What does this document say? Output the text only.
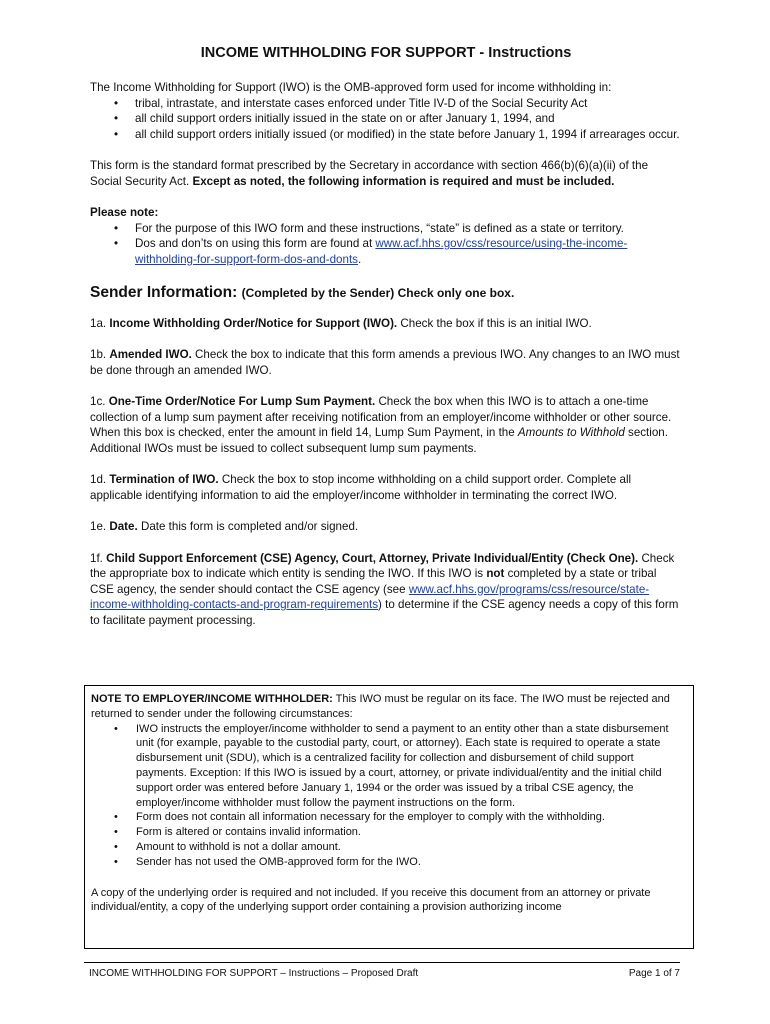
INCOME WITHHOLDING FOR SUPPORT - Instructions

The Income Withholding for Support (IWO) is the OMB-approved form used for income withholding in:

• tribal, intrastate, and interstate cases enforced under Title IV-D of the Social Security Act
• all child support orders initially issued in the state on or after January 1, 1994, and
• all child support orders initially issued (or modified) in the state before January 1, 1994 if arrearages occur.

This form is the standard format prescribed by the Secretary in accordance with section 466(b)(6)(a)(ii) of the Social Security Act. Except as noted, the following information is required and must be included.

Please note:

• For the purpose of this IWO form and these instructions, “state” is defined as a state or territory.
• Dos and don’ts on using this form are found at www.acf.hhs.gov/css/resource/using-the-income-withholding-for-support-form-dos-and-donts.

Sender Information: (Completed by the Sender) Check only one box.

1a. Income Withholding Order/Notice for Support (IWO). Check the box if this is an initial IWO.

1b. Amended IWO. Check the box to indicate that this form amends a previous IWO. Any changes to an IWO must be done through an amended IWO.

1c. One-Time Order/Notice For Lump Sum Payment. Check the box when this IWO is to attach a one-time collection of a lump sum payment after receiving notification from an employer/income withholder or other source. When this box is checked, enter the amount in field 14, Lump Sum Payment, in the Amounts to Withhold section. Additional IWOs must be issued to collect subsequent lump sum payments.

1d. Termination of IWO. Check the box to stop income withholding on a child support order. Complete all applicable identifying information to aid the employer/income withholder in terminating the correct IWO.

1e. Date. Date this form is completed and/or signed.

1f. Child Support Enforcement (CSE) Agency, Court, Attorney, Private Individual/Entity (Check One). Check the appropriate box to indicate which entity is sending the IWO. If this IWO is not completed by a state or tribal CSE agency, the sender should contact the CSE agency (see www.acf.hhs.gov/programs/css/resource/state-income-withholding-contacts-and-program-requirements) to determine if the CSE agency needs a copy of this form to facilitate payment processing.

NOTE TO EMPLOYER/INCOME WITHHOLDER: This IWO must be regular on its face. The IWO must be rejected and returned to sender under the following circumstances:

• IWO instructs the employer/income withholder to send a payment to an entity other than a state disbursement unit (for example, payable to the custodial party, court, or attorney). Each state is required to operate a state disbursement unit (SDU), which is a centralized facility for collection and disbursement of child support payments. Exception: If this IWO is issued by a court, attorney, or private individual/entity and the initial child support order was entered before January 1, 1994 or the order was issued by a tribal CSE agency, the employer/income withholder must follow the payment instructions on the form.
• Form does not contain all information necessary for the employer to comply with the withholding.
• Form is altered or contains invalid information.
• Amount to withhold is not a dollar amount.
• Sender has not used the OMB-approved form for the IWO.

A copy of the underlying order is required and not included. If you receive this document from an attorney or private individual/entity, a copy of the underlying support order containing a provision authorizing income

INCOME WITHHOLDING FOR SUPPORT – Instructions – Proposed Draft	Page 1 of 7
